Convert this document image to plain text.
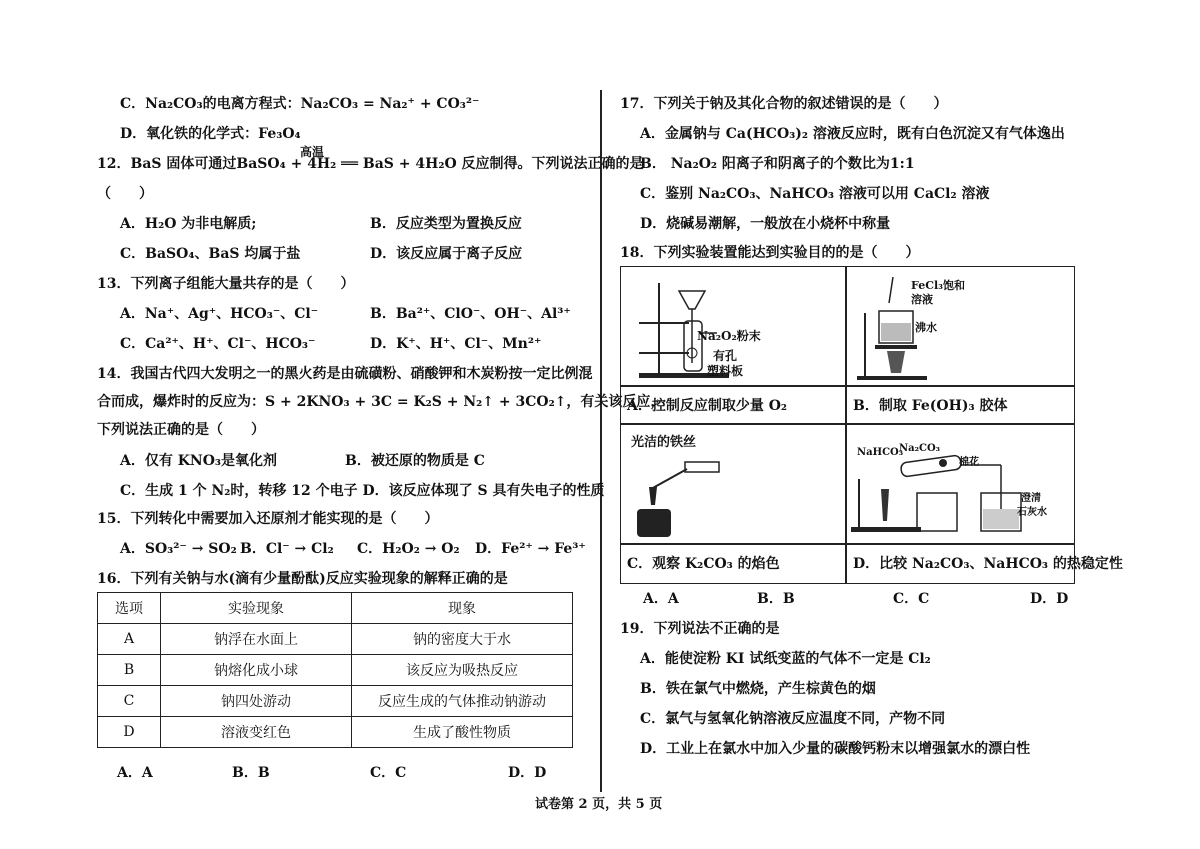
C．Na₂CO₃的电离方程式：Na₂CO₃ = Na₂⁺ + CO₃²⁻
D．氧化铁的化学式：Fe₃O₄
高温
12．BaS 固体可通过BaSO₄ + 4H₂ ══ BaS + 4H₂O 反应制得。下列说法正确的是
（　　）
A．H₂O 为非电解质;	B．反应类型为置换反应
C．BaSO₄、BaS 均属于盐	D．该反应属于离子反应
13．下列离子组能大量共存的是（　　）
A．Na⁺、Ag⁺、HCO₃⁻、Cl⁻	B．Ba²⁺、ClO⁻、OH⁻、Al³⁺
C．Ca²⁺、H⁺、Cl⁻、HCO₃⁻	D．K⁺、H⁺、Cl⁻、Mn²⁺
14．我国古代四大发明之一的黑火药是由硫磺粉、硝酸钾和木炭粉按一定比例混
合而成，爆炸时的反应为：S + 2KNO₃ + 3C = K₂S + N₂↑ + 3CO₂↑，有关该反应，
下列说法正确的是（　　）
A．仅有 KNO₃是氧化剂	B．被还原的物质是 C
C．生成 1 个 N₂时，转移 12 个电子 D．该反应体现了 S 具有失电子的性质
15．下列转化中需要加入还原剂才能实现的是（　　）
A．SO₃²⁻ → SO₂ B．Cl⁻ → Cl₂ C．H₂O₂ → O₂ D．Fe²⁺ → Fe³⁺
16．下列有关钠与水(滴有少量酚酞)反应实验现象的解释正确的是
选项	实验现象	现象
A	钠浮在水面上	钠的密度大于水
B	钠熔化成小球	该反应为吸热反应
C	钠四处游动	反应生成的气体推动钠游动
D	溶液变红色	生成了酸性物质
A．A	B．B	C．C	D．D
17．下列关于钠及其化合物的叙述错误的是（　　）
A．金属钠与 Ca(HCO₃)₂ 溶液反应时，既有白色沉淀又有气体逸出
B． Na₂O₂ 阳离子和阴离子的个数比为1:1
C．鉴别 Na₂CO₃、NaHCO₃ 溶液可以用 CaCl₂ 溶液
D．烧碱易潮解，一般放在小烧杯中称量
18．下列实验装置能达到实验目的的是（　　）
Na₂O₂粉末
有孔
塑料板
FeCl₃饱和
溶液
沸水
A．控制反应制取少量 O₂	B．制取 Fe(OH)₃ 胶体
光洁的铁丝
NaHCO₃
Na₂CO₃
棉花
澄清
石灰水
C．观察 K₂CO₃ 的焰色	D．比较 Na₂CO₃、NaHCO₃ 的热稳定性
A．A	B．B	C．C	D．D
19．下列说法不正确的是
A．能使淀粉 KI 试纸变蓝的气体不一定是 Cl₂
B．铁在氯气中燃烧，产生棕黄色的烟
C．氯气与氢氧化钠溶液反应温度不同，产物不同
D．工业上在氯水中加入少量的碳酸钙粉末以增强氯水的漂白性
试卷第 2 页，共 5 页
